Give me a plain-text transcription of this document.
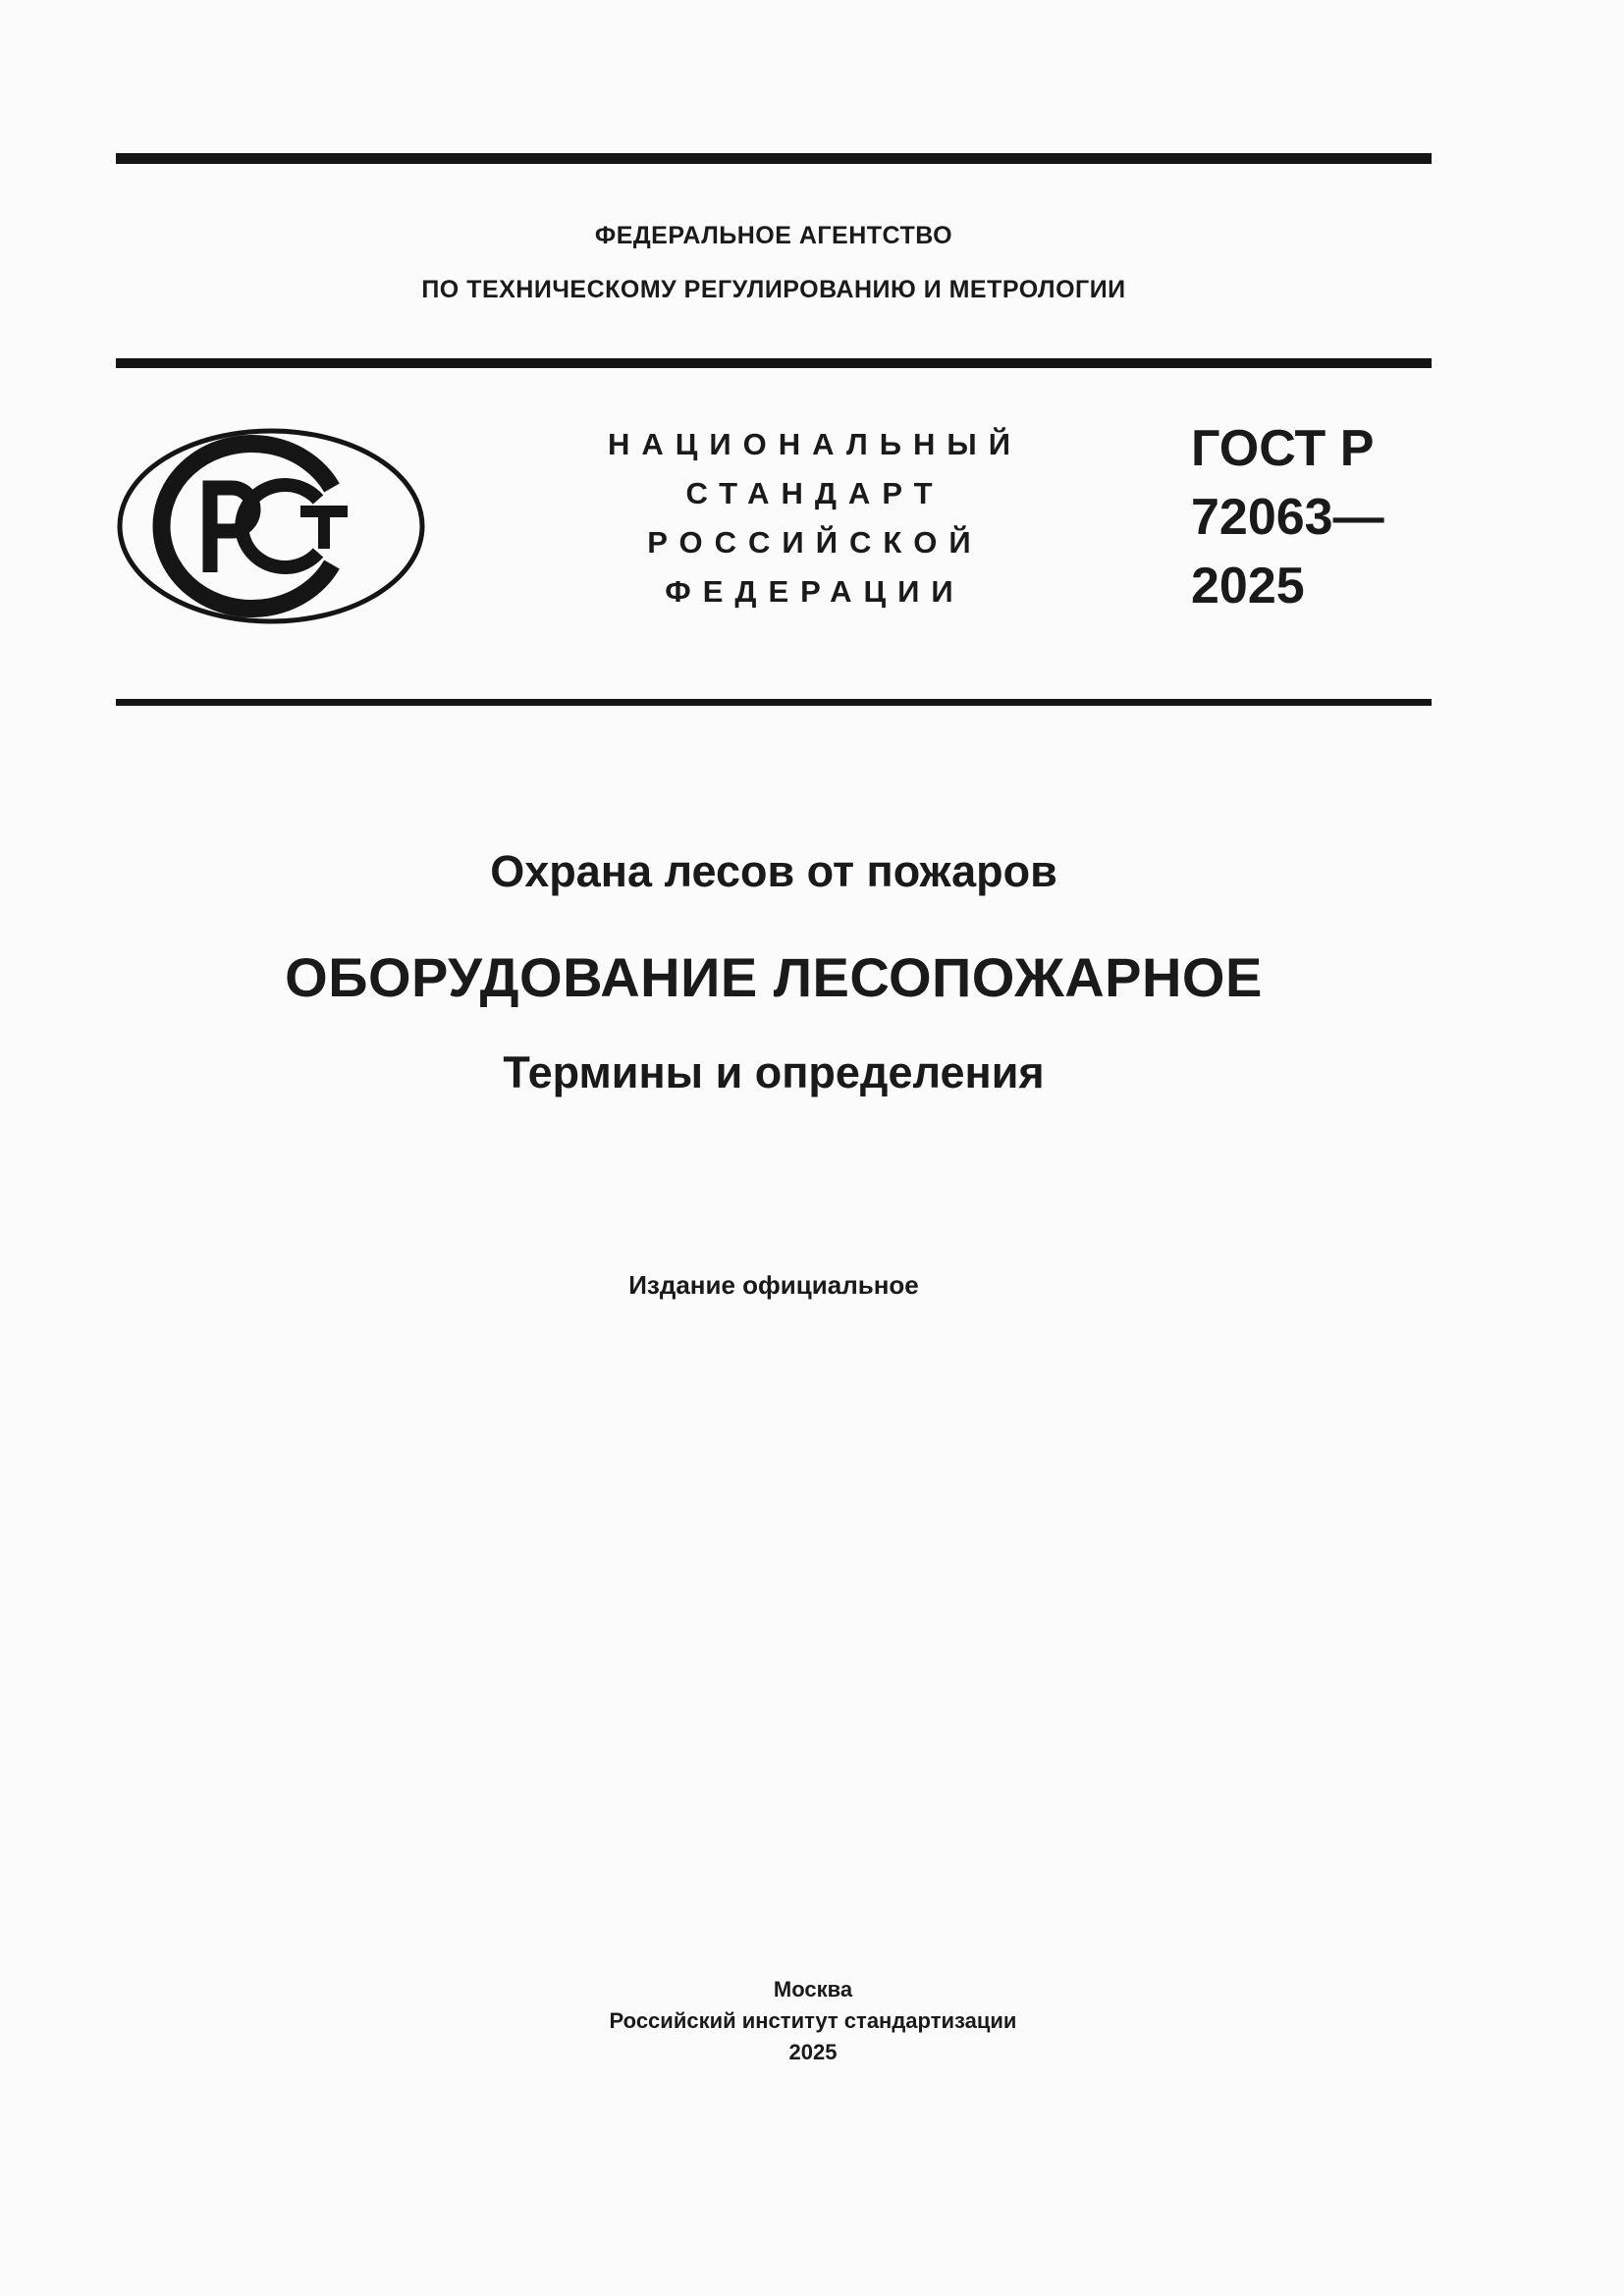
ФЕДЕРАЛЬНОЕ АГЕНТСТВО
ПО ТЕХНИЧЕСКОМУ РЕГУЛИРОВАНИЮ И МЕТРОЛОГИИ
НАЦИОНАЛЬНЫЙ
СТАНДАРТ
РОССИЙСКОЙ
ФЕДЕРАЦИИ
ГОСТ Р
72063—
2025
Охрана лесов от пожаров
ОБОРУДОВАНИЕ ЛЕСОПОЖАРНОЕ
Термины и определения
Издание официальное
Москва
Российский институт стандартизации
2025
